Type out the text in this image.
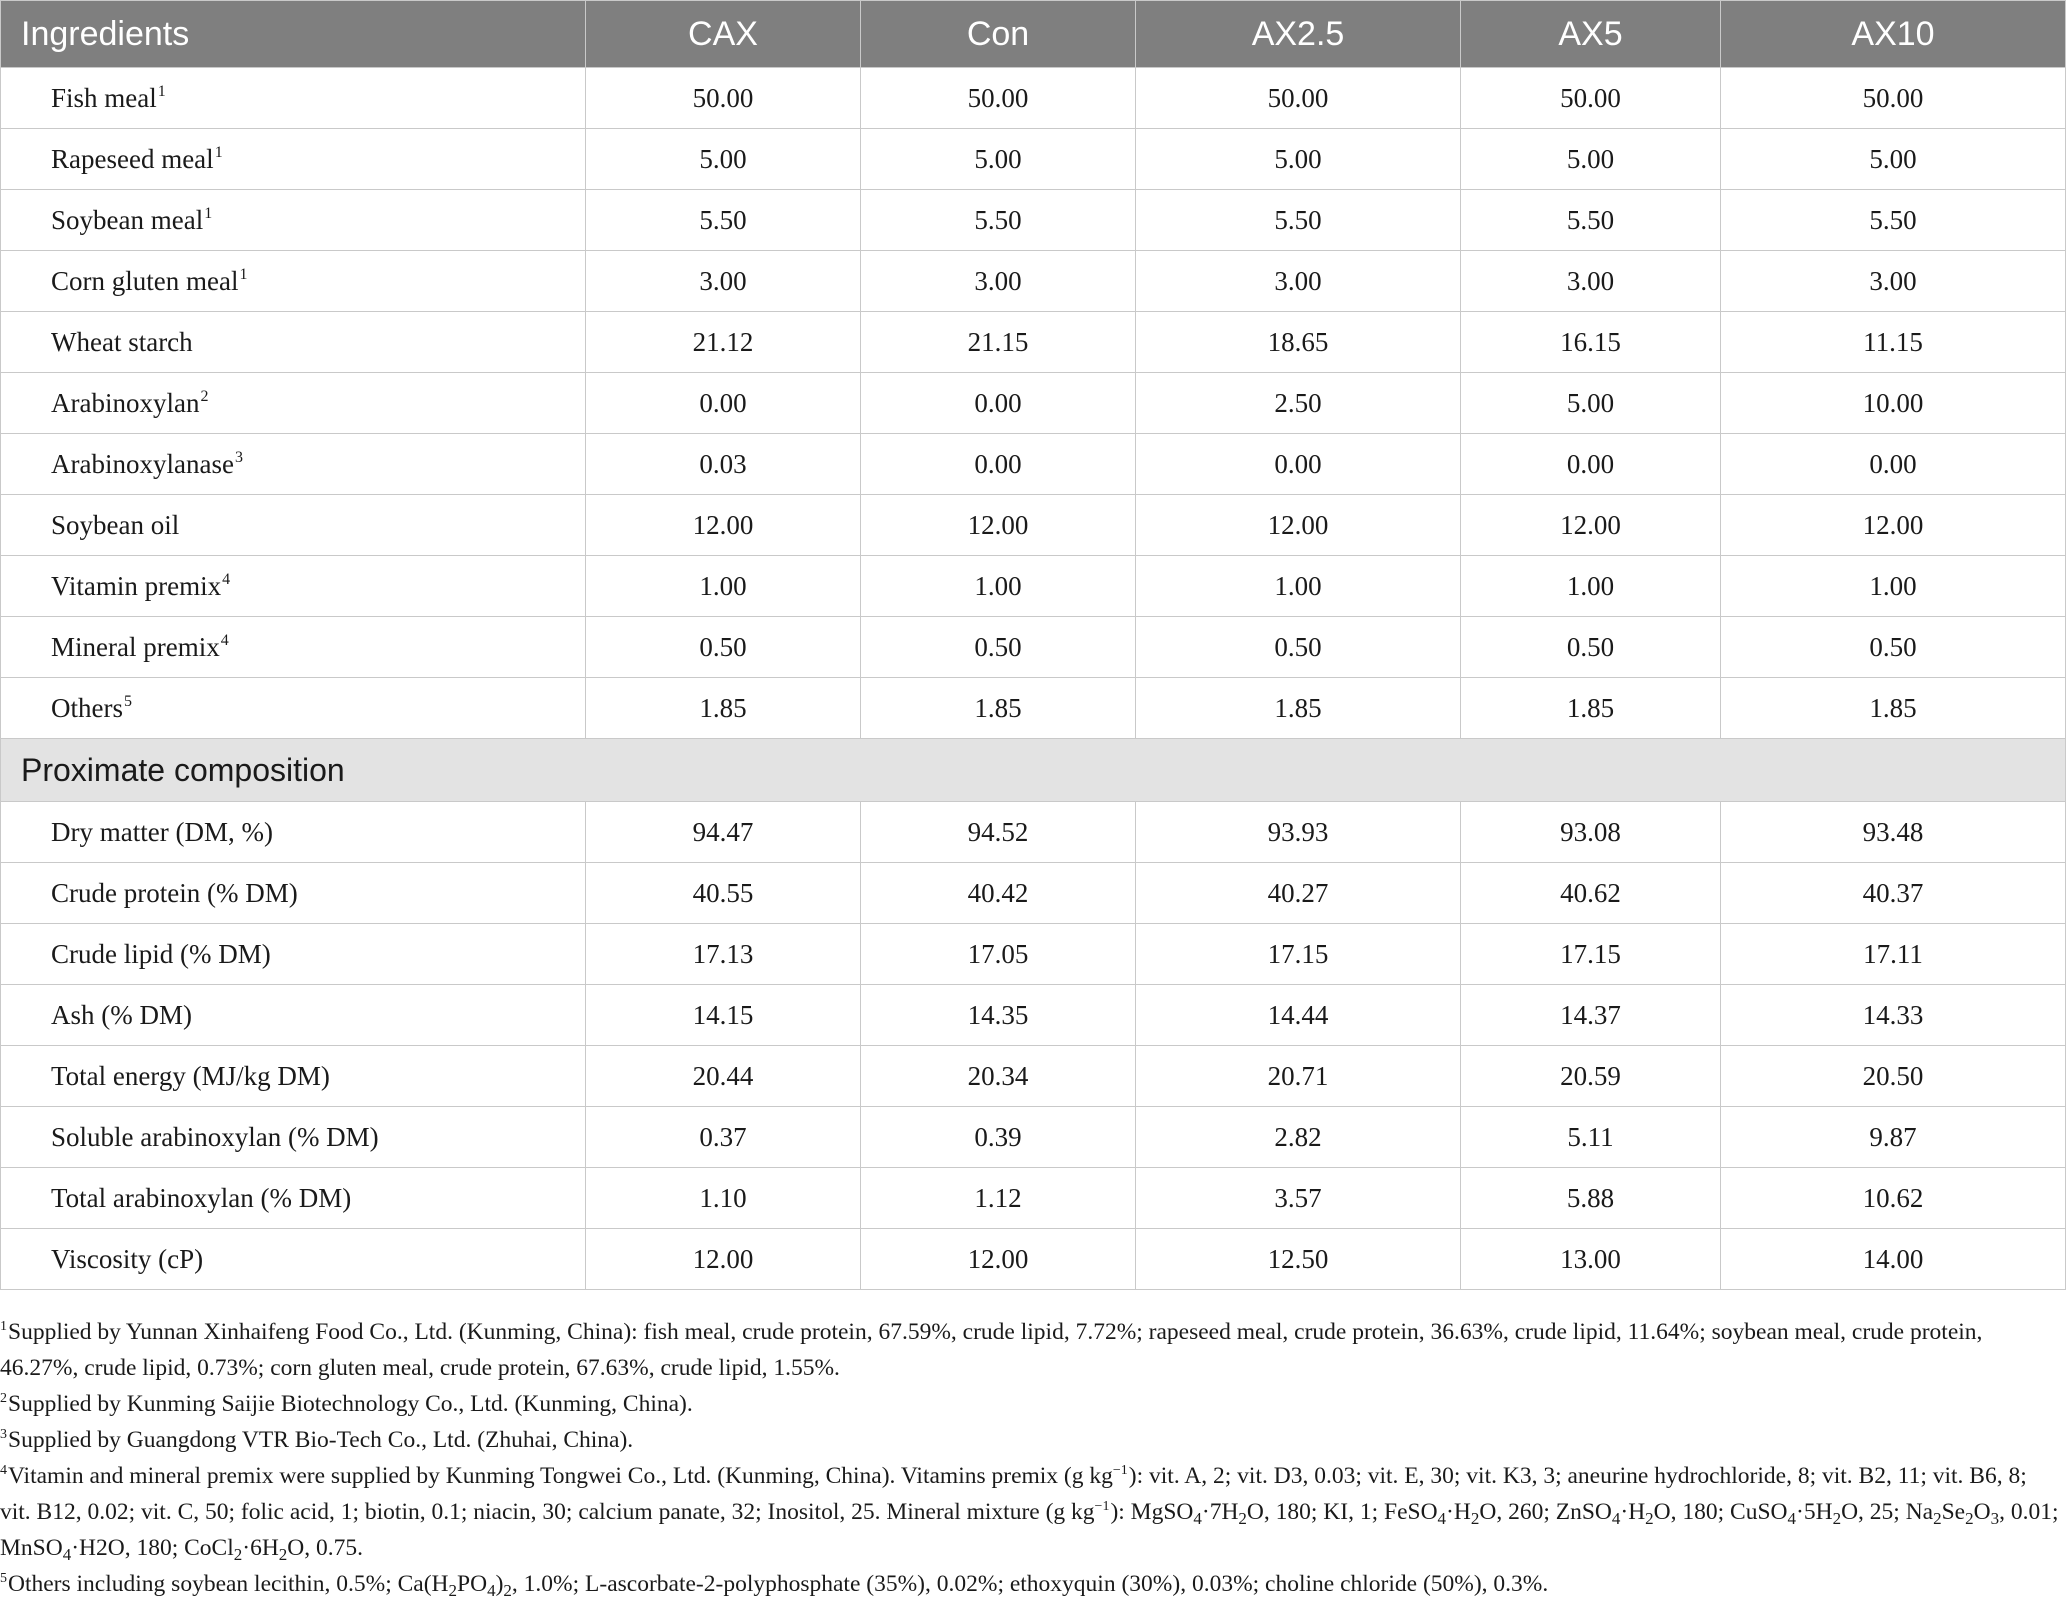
Ingredients	CAX	Con	AX2.5	AX5	AX10
Fish meal$^1$	50.00	50.00	50.00	50.00	50.00
Rapeseed meal$^1$	5.00	5.00	5.00	5.00	5.00
Soybean meal$^1$	5.50	5.50	5.50	5.50	5.50
Corn gluten meal$^1$	3.00	3.00	3.00	3.00	3.00
Wheat starch	21.12	21.15	18.65	16.15	11.15
Arabinoxylan$^2$	0.00	0.00	2.50	5.00	10.00
Arabinoxylanase$^3$	0.03	0.00	0.00	0.00	0.00
Soybean oil	12.00	12.00	12.00	12.00	12.00
Vitamin premix$^4$	1.00	1.00	1.00	1.00	1.00
Mineral premix$^4$	0.50	0.50	0.50	0.50	0.50
Others$^5$	1.85	1.85	1.85	1.85	1.85
Proximate composition					
Dry matter (DM, %)	94.47	94.52	93.93	93.08	93.48
Crude protein (% DM)	40.55	40.42	40.27	40.62	40.37
Crude lipid (% DM)	17.13	17.05	17.15	17.15	17.11
Ash (% DM)	14.15	14.35	14.44	14.37	14.33
Total energy (MJ/kg DM)	20.44	20.34	20.71	20.59	20.50
Soluble arabinoxylan (% DM)	0.37	0.39	2.82	5.11	9.87
Total arabinoxylan (% DM)	1.10	1.12	3.57	5.88	10.62
Viscosity (cP)	12.00	12.00	12.50	13.00	14.00

$^1$Supplied by Yunnan Xinhaifeng Food Co., Ltd. (Kunming, China): fish meal, crude protein, 67.59%, crude lipid, 7.72%; rapeseed meal, crude protein, 36.63%, crude lipid, 11.64%; soybean meal, crude protein, 46.27%, crude lipid, 0.73%; corn gluten meal, crude protein, 67.63%, crude lipid, 1.55%.

$^2$Supplied by Kunming Saijie Biotechnology Co., Ltd. (Kunming, China).

$^3$Supplied by Guangdong VTR Bio-Tech Co., Ltd. (Zhuhai, China).

$^4$Vitamin and mineral premix were supplied by Kunming Tongwei Co., Ltd. (Kunming, China). Vitamins premix (g $kg^{-1}$): vit. A, 2; vit. D3, 0.03; vit. E, 30; vit. K3, 3; aneurine hydrochloride, 8; vit. B2, 11; vit. B6, 8; vit. B12, 0.02; vit. C, 50; folic acid, 1; biotin, 0.1; niacin, 30; calcium panate, 32; Inositol, 25. Mineral mixture (g $kg^{-1}$): $MgSO_4\cdot 7H_2O$, 180; KI, 1; $FeSO_4\cdot H_2O$, 260; $ZnSO_4\cdot H_2O$, 180; $CuSO_4\cdot 5H_2O$, 25; $Na_2Se_2O_3$, 0.01; MnSO$_4$·H2O, 180; $CoCl_2\cdot 6H_2O$, 0.75.

$^5$Others including soybean lecithin, 0.5%; $Ca(H_2PO_4)_2$, 1.0%; L-ascorbate-2-polyphosphate (35%), 0.02%; ethoxyquin (30%), 0.03%; choline chloride (50%), 0.3%.
